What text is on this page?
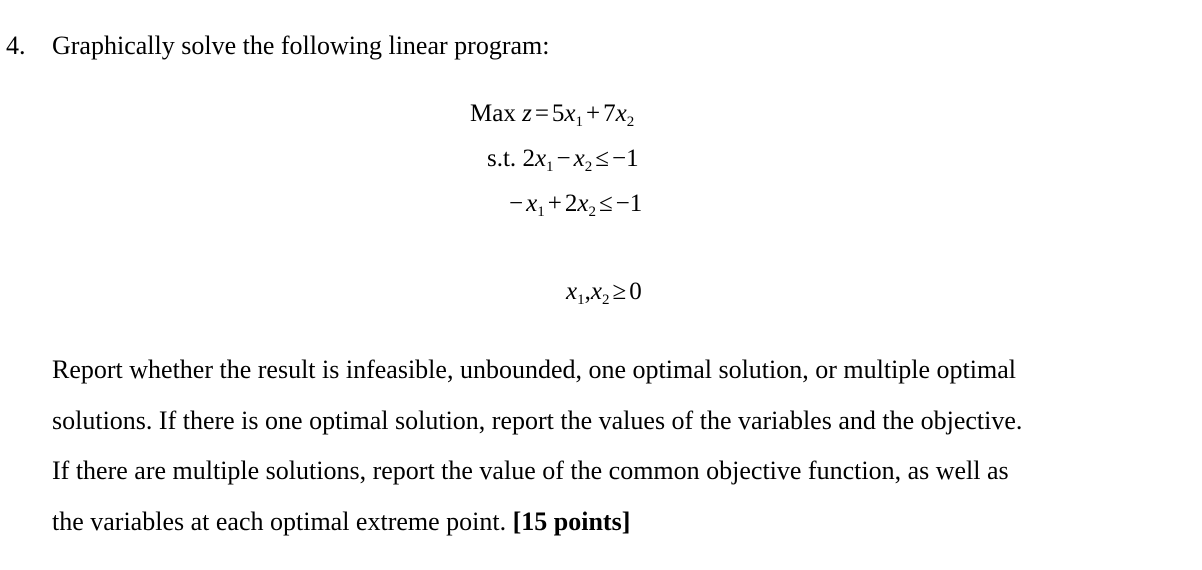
4. Graphically solve the following linear program:
Max $z = 5x_1 + 7x_2$
s.t. $2x_1 - x_2 \le -1$
− $x_1 + 2x_2 \le -1$
$x_1,x_2 \ge 0$
Report whether the result is infeasible, unbounded, one optimal solution, or multiple optimal
solutions. If there is one optimal solution, report the values of the variables and the objective.
If there are multiple solutions, report the value of the common objective function, as well as
the variables at each optimal extreme point. [15 points]
